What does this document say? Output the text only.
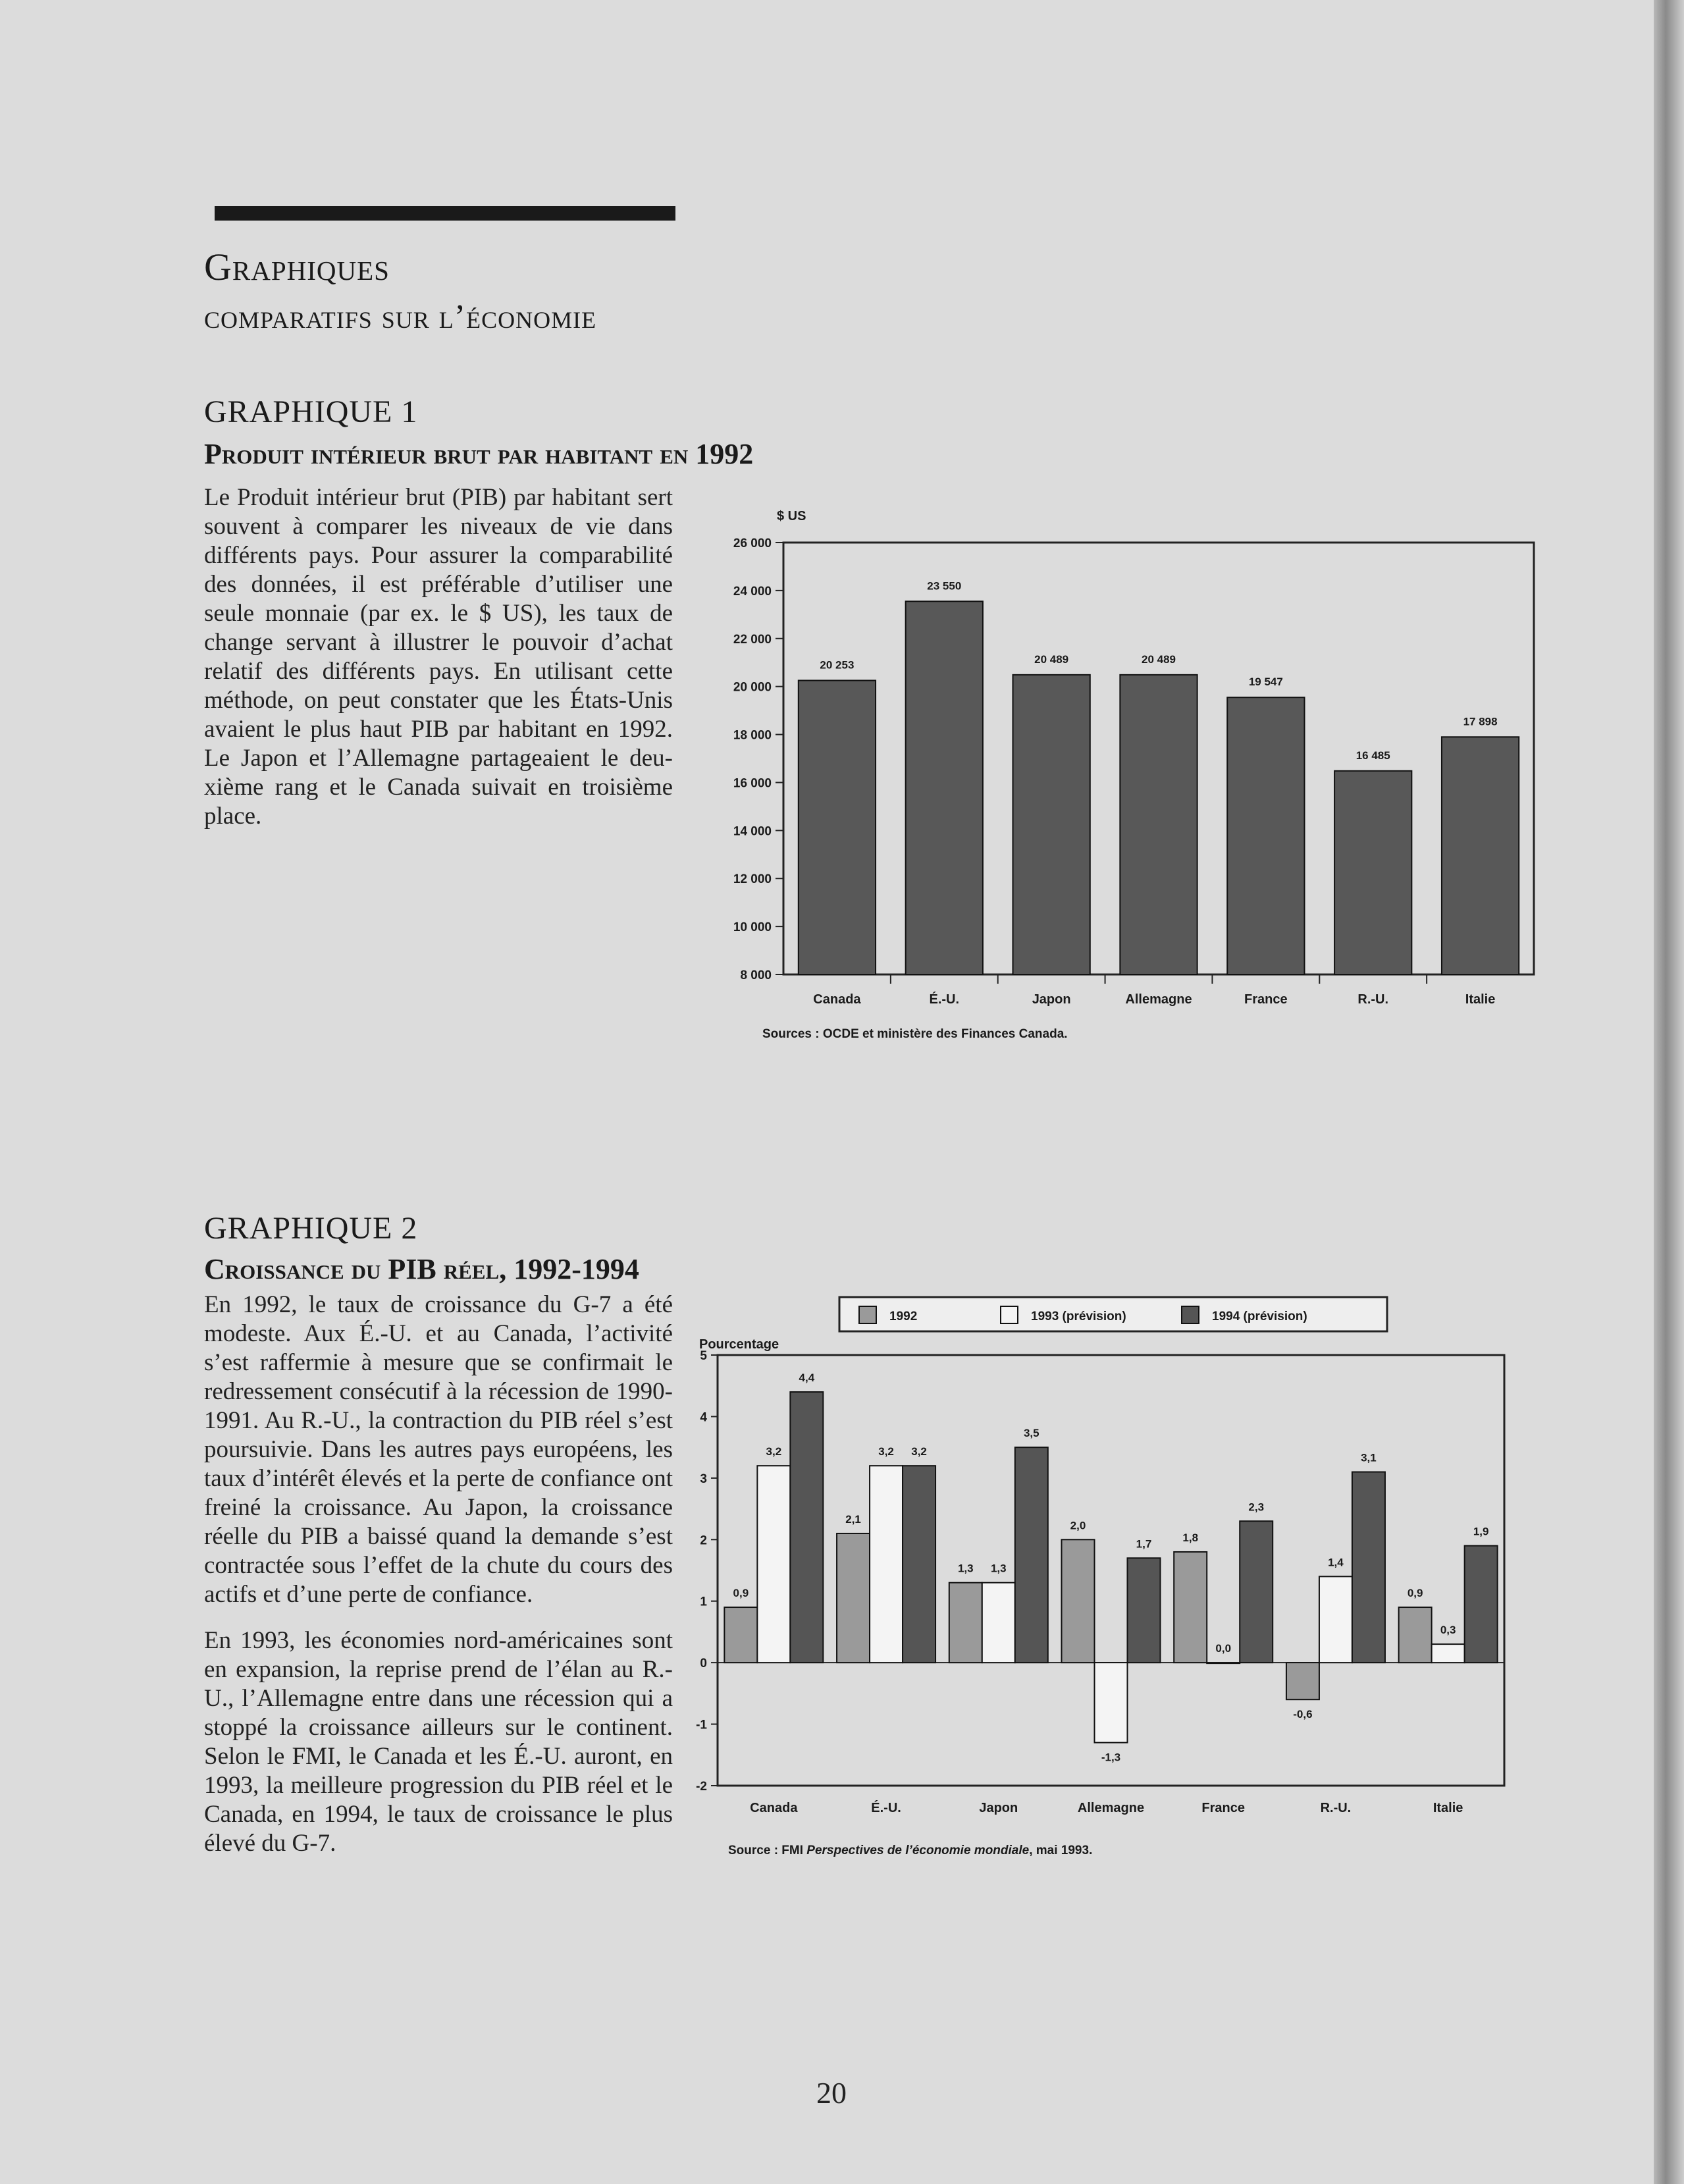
Graphiques
comparatifs sur l’économie
GRAPHIQUE 1
Produit intérieur brut par habitant en 1992

Le Produit intérieur brut (PIB) par habitant sert souvent à comparer les niveaux de vie dans différents pays. Pour assurer la comparabilité des données, il est préférable d’utiliser une seule monnaie (par ex. le $ US), les taux de change servant à illustrer le pouvoir d’achat relatif des différents pays. En utilisant cette méthode, on peut constater que les États-Unis avaient le plus haut PIB par habitant en 1992. Le Japon et l’Allemagne partageaient le deuxième rang et le Canada suivait en troisième place.

$ US
8 000
10 000
12 000
14 000
16 000
18 000
20 000
22 000
24 000
26 000
20 253
Canada
23 550
É.-U.
20 489
Japon
20 489
Allemagne
19 547
France
16 485
R.-U.
17 898
Italie
Sources : OCDE et ministère des Finances Canada.
GRAPHIQUE 2
Croissance du PIB réel, 1992-1994

En 1992, le taux de croissance du G-7 a été modeste. Aux É.-U. et au Canada, l’activité s’est raffermie à mesure que se confirmait le redressement consécutif à la récession de 1990-1991. Au R.-U., la contraction du PIB réel s’est poursuivie. Dans les autres pays européens, les taux d’intérêt élevés et la perte de confiance ont freiné la croissance. Au Japon, la croissance réelle du PIB a baissé quand la demande s’est contractée sous l’effet de la chute du cours des actifs et d’une perte de confiance.

En 1993, les économies nord-américaines sont en expansion, la reprise prend de l’élan au R.-U., l’Allemagne entre dans une récession qui a stoppé la croissance ailleurs sur le continent. Selon le FMI, le Canada et les É.-U. auront, en 1993, la meilleure progression du PIB réel et le Canada, en 1994, le taux de croissance le plus élevé du G-7.

1992	1993 (prévision)	1994 (prévision)
Pourcentage
-2
-1
0
1
2
3
4
5
0,9
3,2
4,4
Canada
2,1
3,2 3,2
É.-U.
1,3 1,3
3,5
Japon
2,0
-1,3
1,7
Allemagne
1,8
0,0
2,3
France
-0,6
1,4
3,1
R.-U.
0,9
0,3
1,9
Italie
Source : FMI Perspectives de l’économie mondiale, mai 1993.
20
